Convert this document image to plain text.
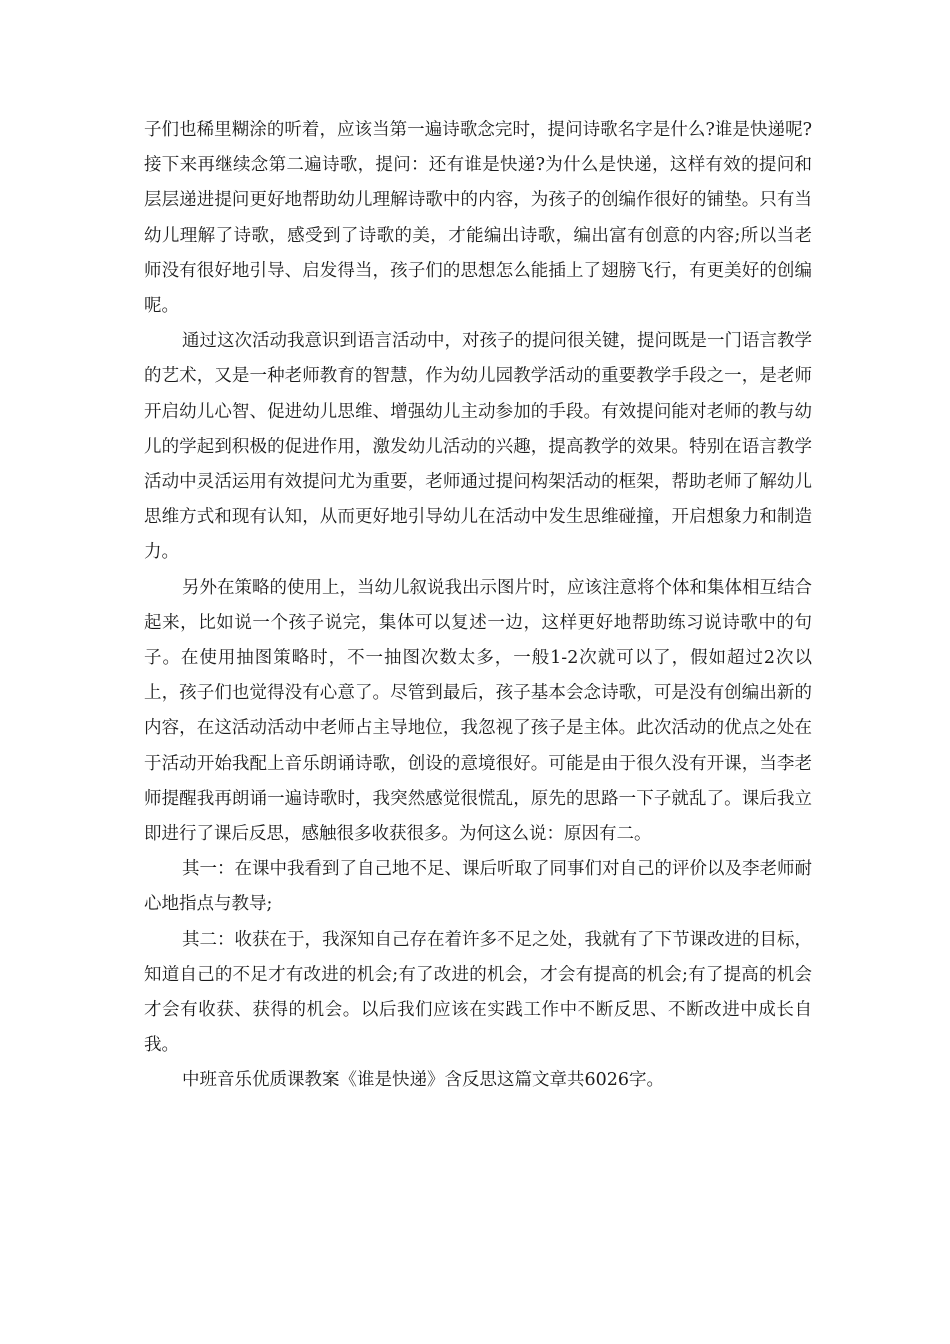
子们也稀里糊涂的听着，应该当第一遍诗歌念完时，提问诗歌名字是什么?谁是快递呢?接下来再继续念第二遍诗歌，提问：还有谁是快递?为什么是快递，这样有效的提问和层层递进提问更好地帮助幼儿理解诗歌中的内容，为孩子的创编作很好的铺垫。只有当幼儿理解了诗歌，感受到了诗歌的美，才能编出诗歌，编出富有创意的内容;所以当老师没有很好地引导、启发得当，孩子们的思想怎么能插上了翅膀飞行，有更美好的创编呢。

通过这次活动我意识到语言活动中，对孩子的提问很关键，提问既是一门语言教学的艺术，又是一种老师教育的智慧，作为幼儿园教学活动的重要教学手段之一，是老师开启幼儿心智、促进幼儿思维、增强幼儿主动参加的手段。有效提问能对老师的教与幼儿的学起到积极的促进作用，激发幼儿活动的兴趣，提高教学的效果。特别在语言教学活动中灵活运用有效提问尤为重要，老师通过提问构架活动的框架，帮助老师了解幼儿思维方式和现有认知，从而更好地引导幼儿在活动中发生思维碰撞，开启想象力和制造力。

另外在策略的使用上，当幼儿叙说我出示图片时，应该注意将个体和集体相互结合起来，比如说一个孩子说完，集体可以复述一边，这样更好地帮助练习说诗歌中的句子。在使用抽图策略时，不一抽图次数太多，一般1-2次就可以了，假如超过2次以上，孩子们也觉得没有心意了。尽管到最后，孩子基本会念诗歌，可是没有创编出新的内容，在这活动活动中老师占主导地位，我忽视了孩子是主体。此次活动的优点之处在于活动开始我配上音乐朗诵诗歌，创设的意境很好。可能是由于很久没有开课，当李老师提醒我再朗诵一遍诗歌时，我突然感觉很慌乱，原先的思路一下子就乱了。课后我立即进行了课后反思，感触很多收获很多。为何这么说：原因有二。

其一：在课中我看到了自己地不足、课后听取了同事们对自己的评价以及李老师耐心地指点与教导;

其二：收获在于，我深知自己存在着许多不足之处，我就有了下节课改进的目标，知道自己的不足才有改进的机会;有了改进的机会，才会有提高的机会;有了提高的机会才会有收获、获得的机会。以后我们应该在实践工作中不断反思、不断改进中成长自我。

中班音乐优质课教案《谁是快递》含反思这篇文章共6026字。
